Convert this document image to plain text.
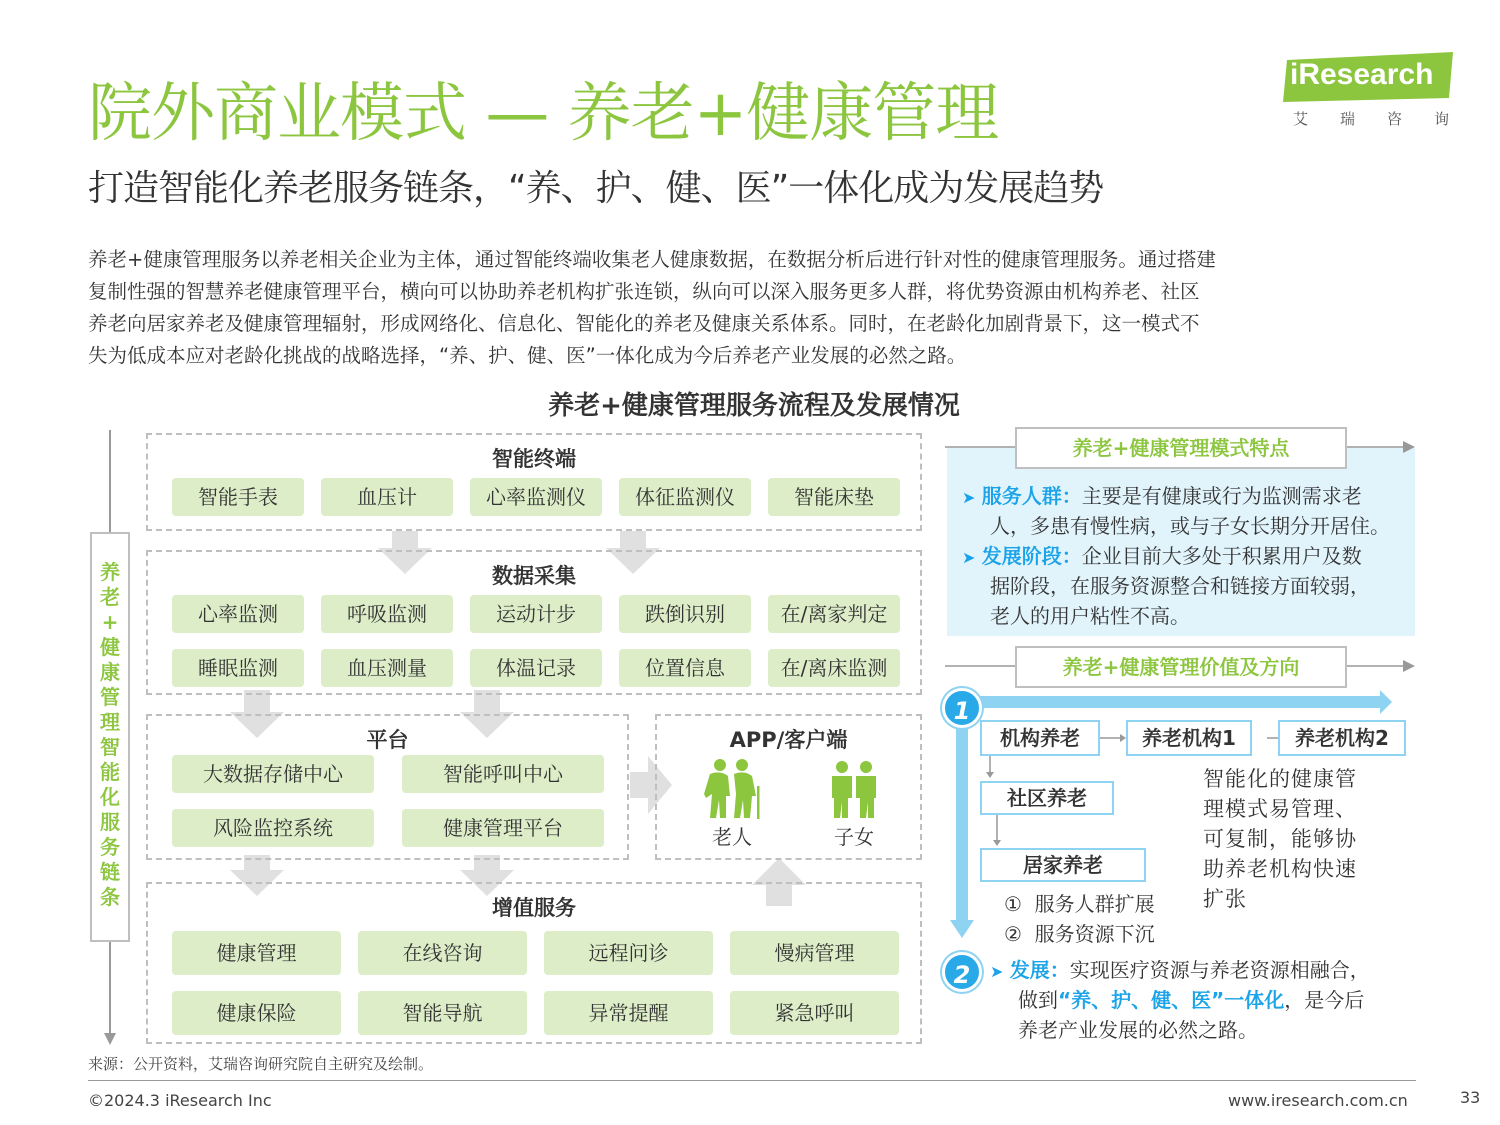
院外商业模式 — 养老+健康管理
打造智能化养老服务链条，“养、护、健、医”一体化成为发展趋势
iResearch
艾瑞咨询
养老+健康管理服务以养老相关企业为主体，通过智能终端收集老人健康数据，在数据分析后进行针对性的健康管理服务。通过搭建
复制性强的智慧养老健康管理平台，横向可以协助养老机构扩张连锁，纵向可以深入服务更多人群，将优势资源由机构养老、社区
养老向居家养老及健康管理辐射，形成网络化、信息化、智能化的养老及健康关系体系。同时，在老龄化加剧背景下，这一模式不
失为低成本应对老龄化挑战的战略选择，“养、护、健、医”一体化成为今后养老产业发展的必然之路。
养老+健康管理服务流程及发展情况
养
老
+
健
康
管
理
智
能
化
服
务
链
条
智能终端
智能手表	血压计	心率监测仪	体征监测仪	智能床垫
数据采集
心率监测	呼吸监测	运动计步	跌倒识别	在/离家判定
睡眠监测	血压测量	体温记录	位置信息	在/离床监测
平台
大数据存储中心	智能呼叫中心
风险监控系统	健康管理平台
APP/客户端
老人	子女
增值服务
健康管理	在线咨询	远程问诊	慢病管理
健康保险	智能导航	异常提醒	紧急呼叫
养老+健康管理模式特点
➤ 服务人群：主要是有健康或行为监测需求老
人，多患有慢性病，或与子女长期分开居住。
➤ 发展阶段：企业目前大多处于积累用户及数
据阶段，在服务资源整合和链接方面较弱，
老人的用户粘性不高。
养老+健康管理价值及方向
1
机构养老	养老机构1	养老机构2
社区养老
居家养老
智能化的健康管
理模式易管理、
可复制，能够协
助养老机构快速
扩张
① 服务人群扩展
② 服务资源下沉
2	➤ 发展：实现医疗资源与养老资源相融合，
做到“养、护、健、医”一体化，是今后
养老产业发展的必然之路。
来源：公开资料，艾瑞咨询研究院自主研究及绘制。
©2024.3 iResearch Inc	www.iresearch.com.cn	33
